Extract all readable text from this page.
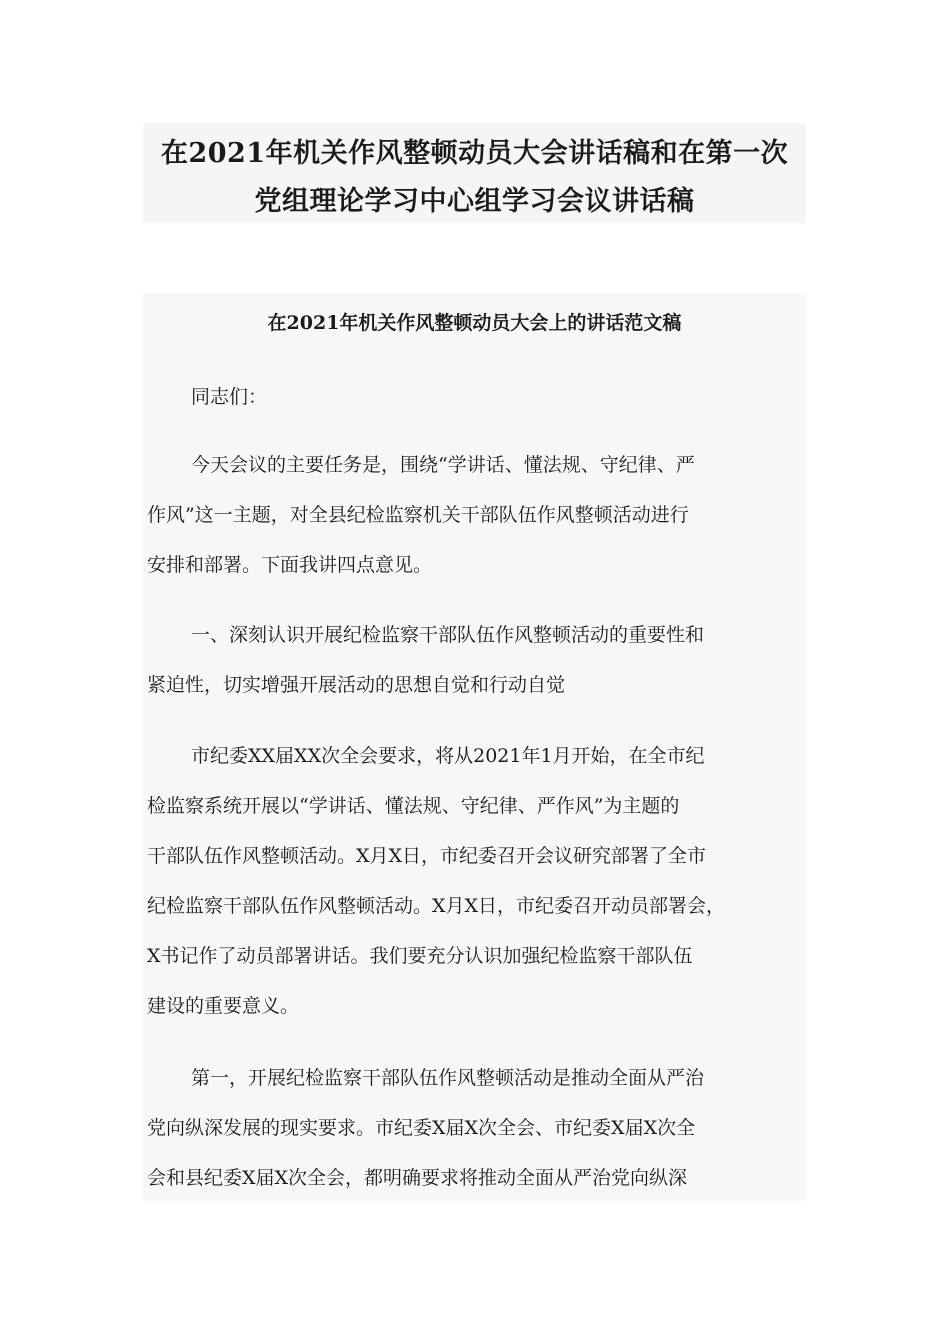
在2021年机关作风整顿动员大会讲话稿和在第一次
党组理论学习中心组学习会议讲话稿
在2021年机关作风整顿动员大会上的讲话范文稿
同志们：
今天会议的主要任务是，围绕“学讲话、懂法规、守纪律、严
作风”这一主题，对全县纪检监察机关干部队伍作风整顿活动进行
安排和部署。下面我讲四点意见。
一、深刻认识开展纪检监察干部队伍作风整顿活动的重要性和
紧迫性，切实增强开展活动的思想自觉和行动自觉
市纪委XX届XX次全会要求，将从2021年1月开始，在全市纪
检监察系统开展以“学讲话、懂法规、守纪律、严作风”为主题的
干部队伍作风整顿活动。X月X日，市纪委召开会议研究部署了全市
纪检监察干部队伍作风整顿活动。X月X日，市纪委召开动员部署会，
X书记作了动员部署讲话。我们要充分认识加强纪检监察干部队伍
建设的重要意义。
第一，开展纪检监察干部队伍作风整顿活动是推动全面从严治
党向纵深发展的现实要求。市纪委X届X次全会、市纪委X届X次全
会和县纪委X届X次全会，都明确要求将推动全面从严治党向纵深
